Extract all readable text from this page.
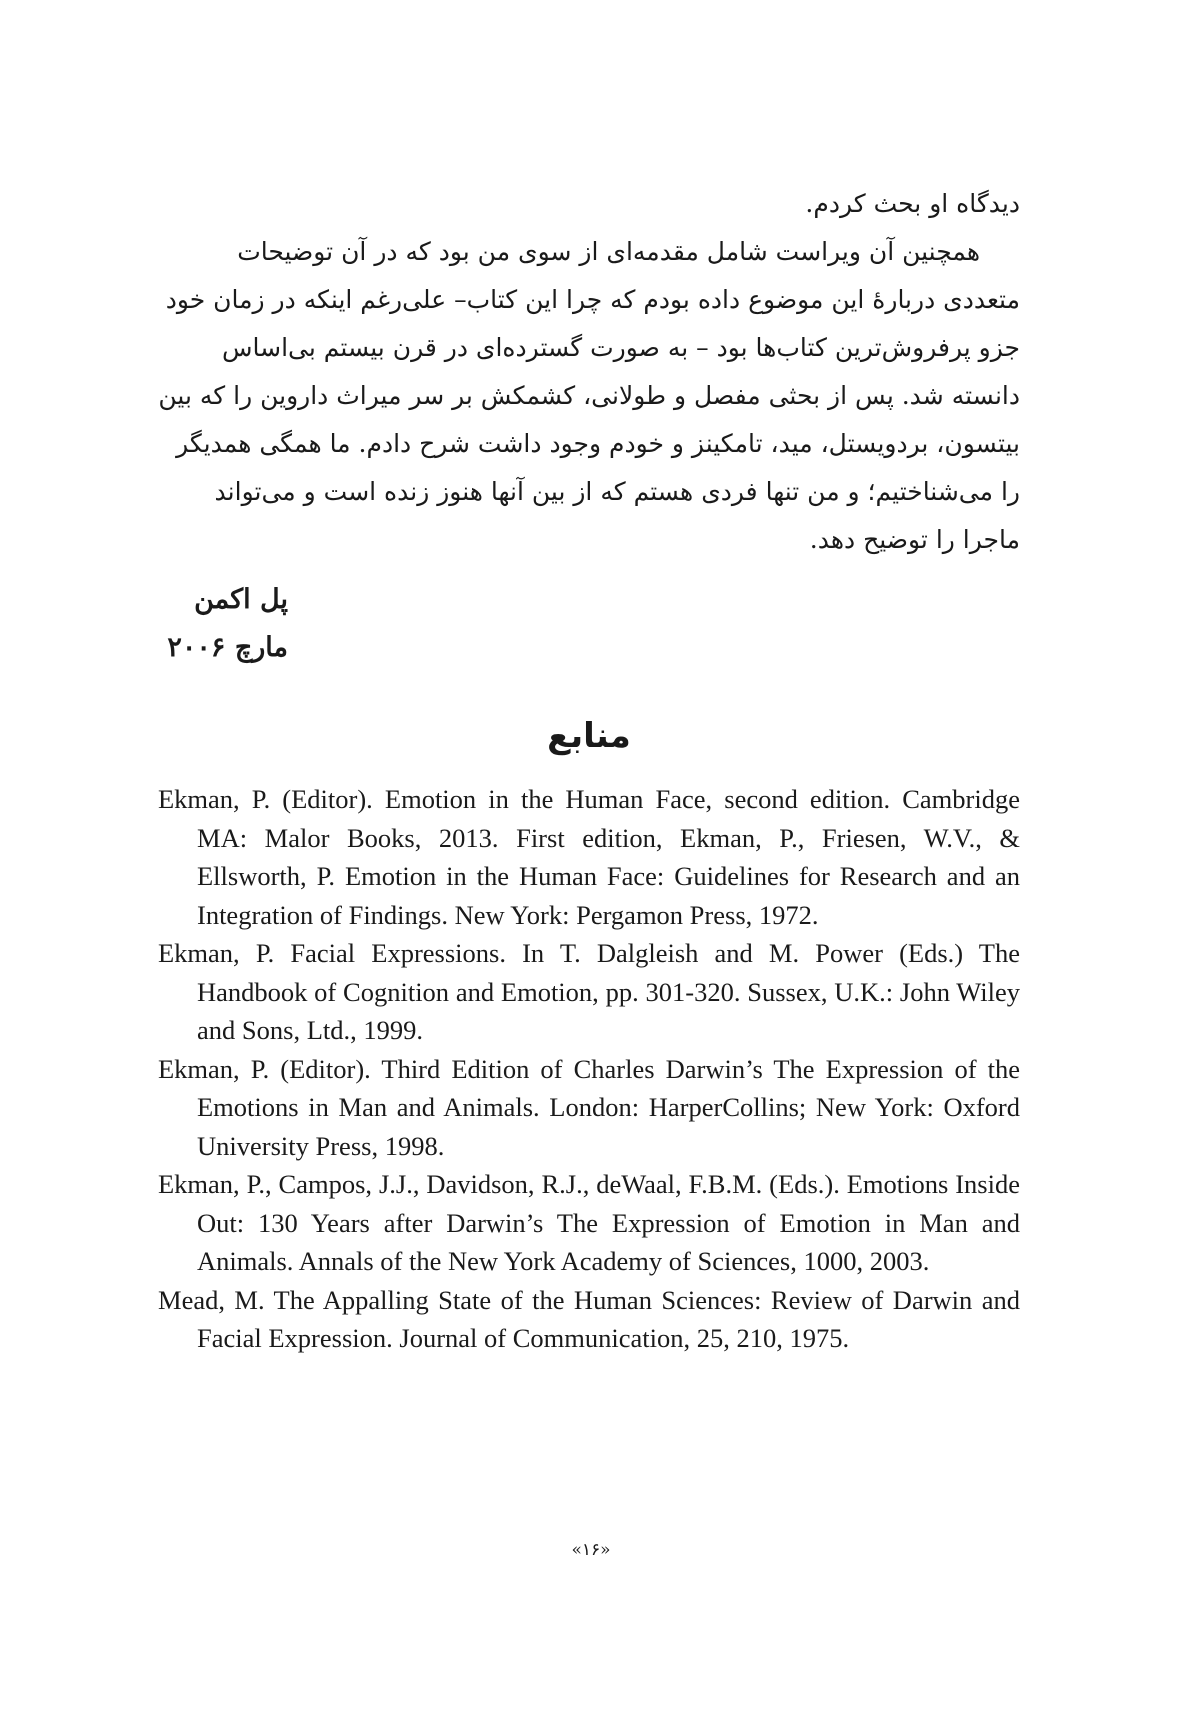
دیدگاه او بحث کردم.

همچنین آن ویراست شامل مقدمه‌ای از سوی من بود که در آن توضیحات متعددی دربارهٔ این موضوع داده بودم که چرا این کتاب– علی‌رغم اینکه در زمان خود جزو پرفروش‌ترین کتاب‌ها بود – به صورت گسترده‌ای در قرن بیستم بی‌اساس دانسته شد. پس از بحثی مفصل و طولانی، کشمکش بر سر میراث داروین را که بین بیتسون، بردویستل، مید، تامکینز و خودم وجود داشت شرح دادم. ما همگی همدیگر را می‌شناختیم؛ و من تنها فردی هستم که از بین آنها هنوز زنده است و می‌تواند ماجرا را توضیح دهد.

پل اکمن
مارچ ۲۰۰۶
منابع

Ekman, P. (Editor). Emotion in the Human Face, second edition. Cambridge MA: Malor Books, 2013. First edition, Ekman, P., Friesen, W.V., & Ellsworth, P. Emotion in the Human Face: Guidelines for Research and an Integration of Findings. New York: Pergamon Press, 1972.

Ekman, P. Facial Expressions. In T. Dalgleish and M. Power (Eds.) The Handbook of Cognition and Emotion, pp. 301-320. Sussex, U.K.: John Wiley and Sons, Ltd., 1999.

Ekman, P. (Editor). Third Edition of Charles Darwin’s The Expression of the Emotions in Man and Animals. London: HarperCollins; New York: Oxford University Press, 1998.

Ekman, P., Campos, J.J., Davidson, R.J., deWaal, F.B.M. (Eds.). Emotions Inside Out: 130 Years after Darwin’s The Expression of Emotion in Man and Animals. Annals of the New York Academy of Sciences, 1000, 2003.

Mead, M. The Appalling State of the Human Sciences: Review of Darwin and Facial Expression. Journal of Communication, 25, 210, 1975.

«۱۶»
